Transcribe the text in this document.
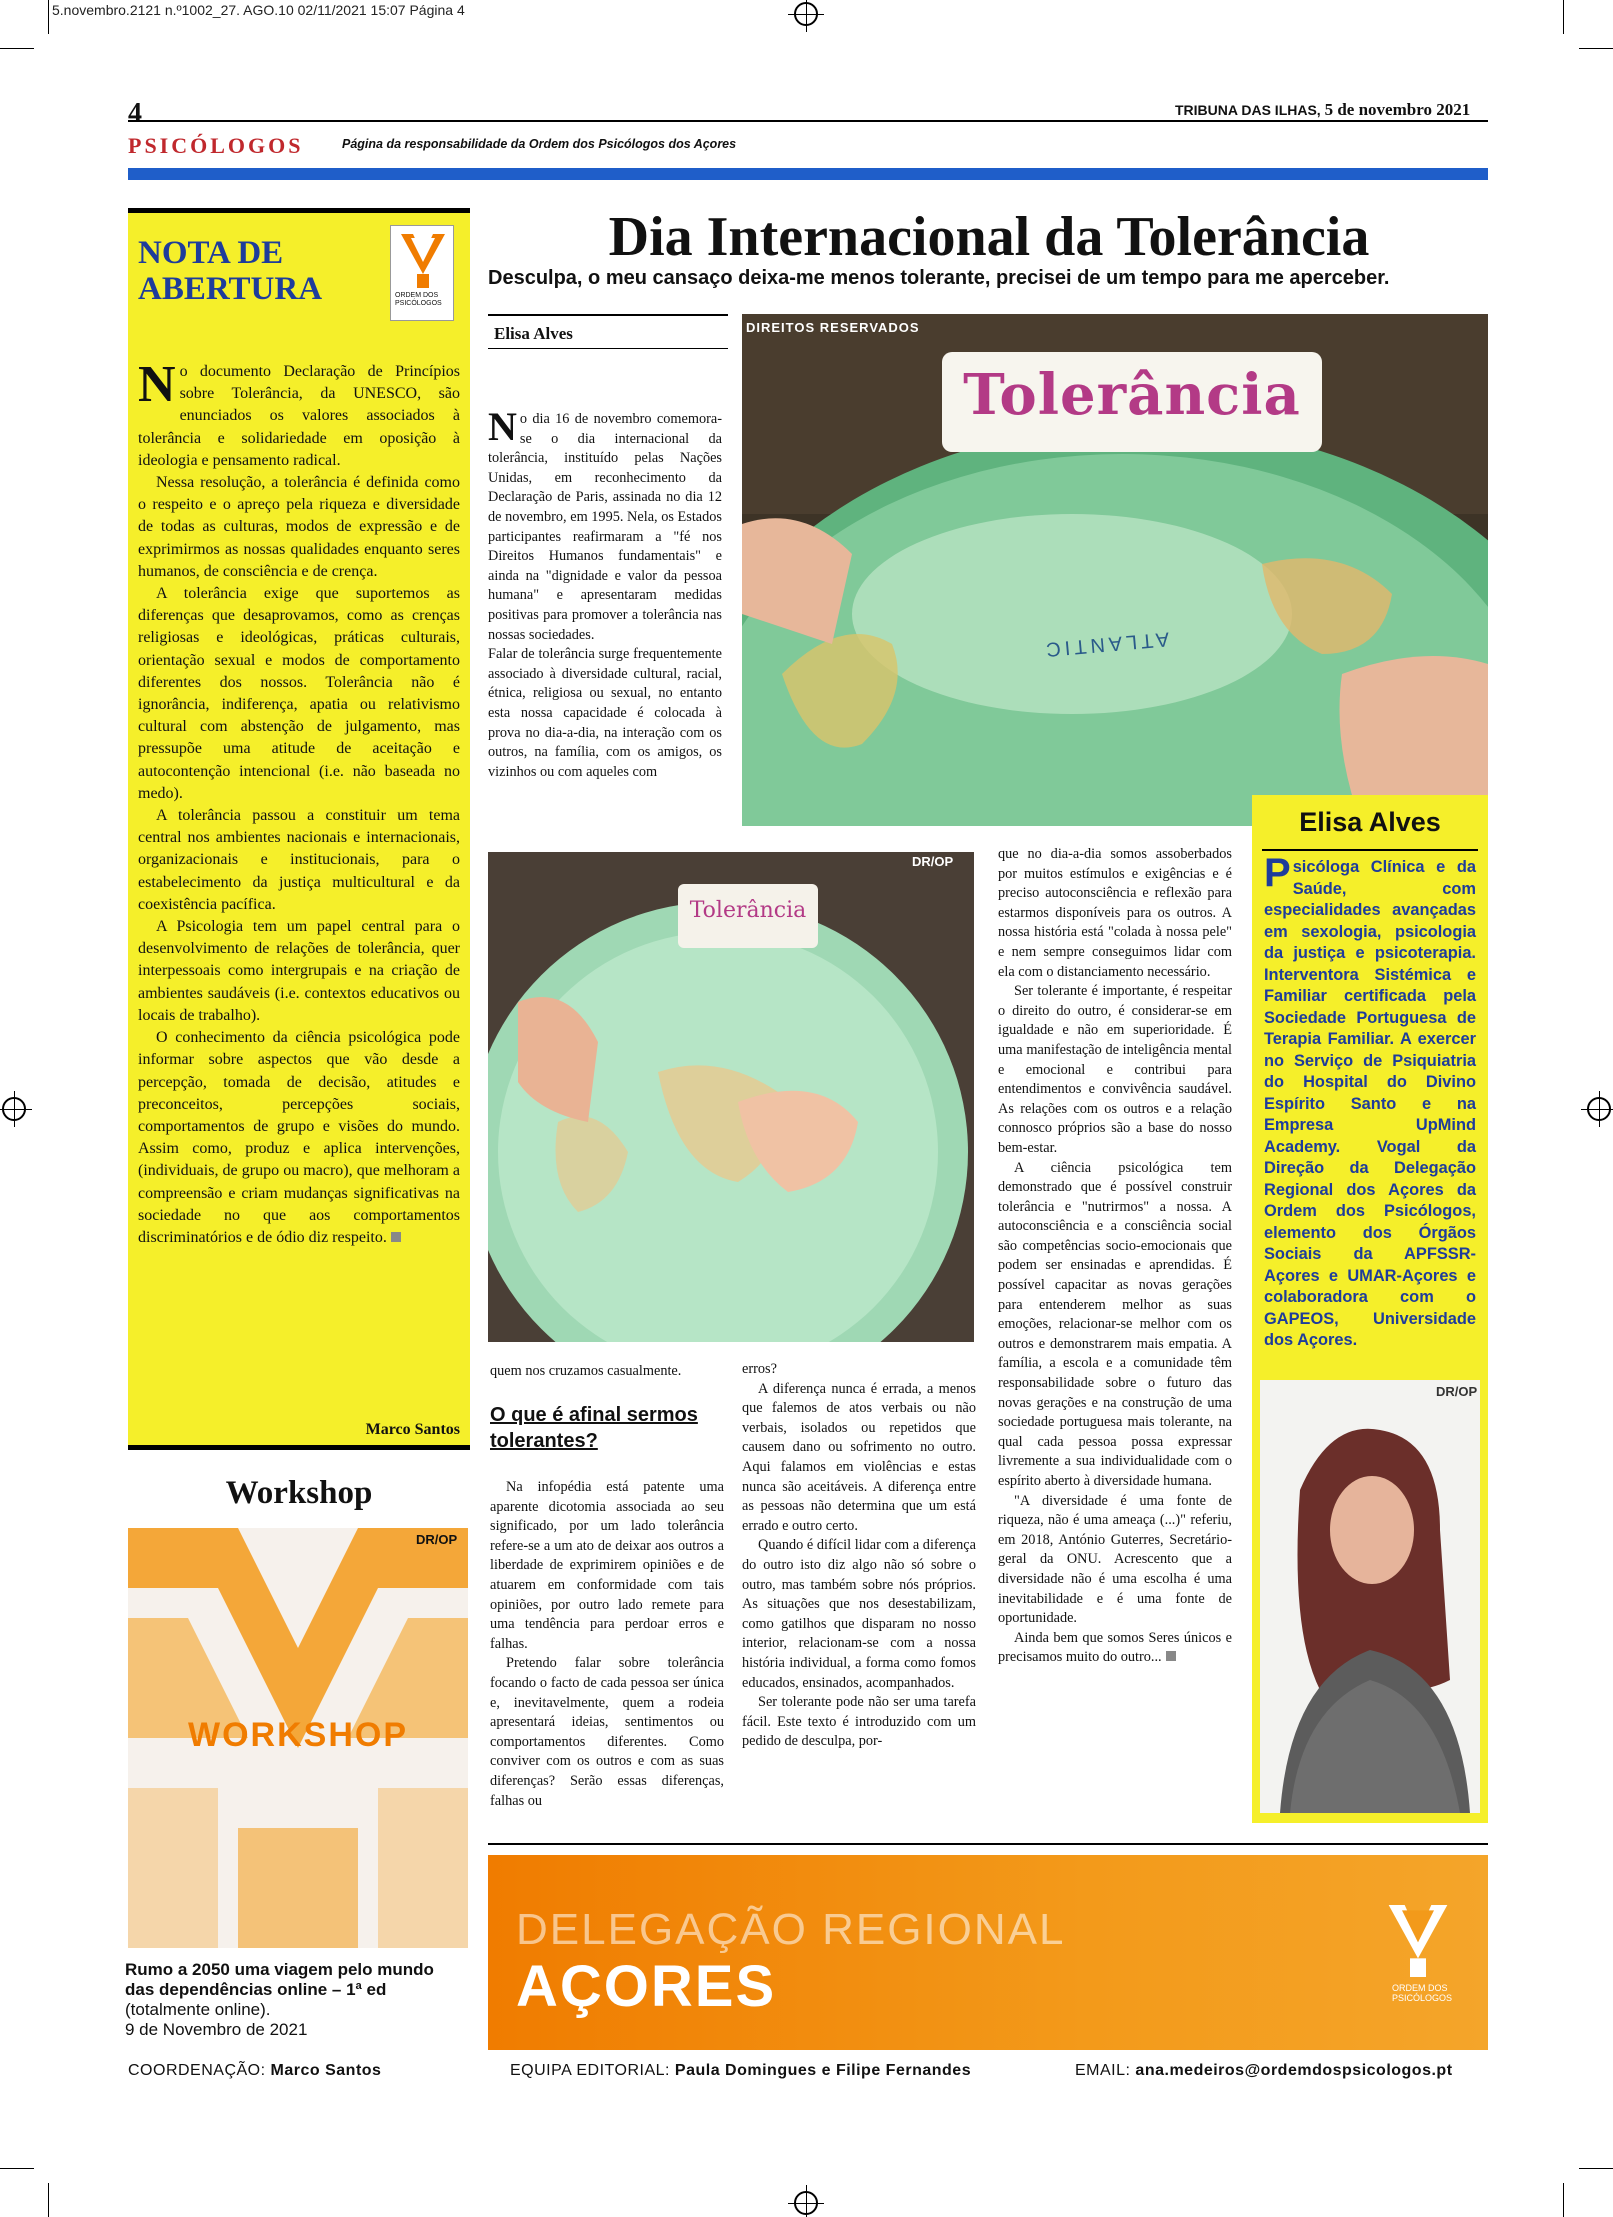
5.novembro.2121 n.º1002_27. AGO.10 02/11/2021 15:07 Página 4
4	TRIBUNA DAS ILHAS, 5 de novembro 2021
PSICÓLOGOS	Página da responsabilidade da Ordem dos Psicólogos dos Açores
NOTA DE ABERTURA	ORDEM DOS PSICÓLOGOS

No documento Declaração de Princípios sobre Tolerância, da UNESCO, são enunciados os valores associados à tolerância e solidariedade em oposição à ideologia e pensamento radical.

Nessa resolução, a tolerância é definida como o respeito e o apreço pela riqueza e diversidade de todas as culturas, modos de expressão e de exprimirmos as nossas qualidades enquanto seres humanos, de consciência e de crença.

A tolerância exige que suportemos as diferenças que desaprovamos, como as crenças religiosas e ideológicas, práticas culturais, orientação sexual e modos de comportamento diferentes dos nossos. Tolerância não é ignorância, indiferença, apatia ou relativismo cultural com abstenção de julgamento, mas pressupõe uma atitude de aceitação e autocontenção intencional (i.e. não baseada no medo).

A tolerância passou a constituir um tema central nos ambientes nacionais e internacionais, organizacionais e institucionais, para o estabelecimento da justiça multicultural e da coexistência pacífica.

A Psicologia tem um papel central para o desenvolvimento de relações de tolerância, quer interpessoais como intergrupais e na criação de ambientes saudáveis (i.e. contextos educativos ou locais de trabalho).

O conhecimento da ciência psicológica pode informar sobre aspectos que vão desde a percepção, tomada de decisão, atitudes e preconceitos, percepções sociais, comportamentos de grupo e visões do mundo. Assim como, produz e aplica intervenções, (individuais, de grupo ou macro), que melhoram a compreensão e criam mudanças significativas na sociedade no que aos comportamentos discriminatórios e de ódio diz respeito.

Marco Santos
Workshop
DR/OP
WORKSHOP
Rumo a 2050 uma viagem pelo mundo das dependências online – 1ª ed (totalmente online).
9 de Novembro de 2021
Dia Internacional da Tolerância
Desculpa, o meu cansaço deixa-me menos tolerante, precisei de um tempo para me aperceber.
Elisa Alves

No dia 16 de novembro comemora-se o dia internacional da tolerância, instituído pelas Nações Unidas, em reconhecimento da Declaração de Paris, assinada no dia 12 de novembro, em 1995. Nela, os Estados participantes reafirmaram a "fé nos Direitos Humanos fundamentais" e ainda na "dignidade e valor da pessoa humana" e apresentaram medidas positivas para promover a tolerância nas nossas sociedades.

Falar de tolerância surge frequentemente associado à diversidade cultural, racial, étnica, religiosa ou sexual, no entanto esta nossa capacidade é colocada à prova no dia-a-dia, na interação com os outros, na família, com os amigos, os vizinhos ou com aqueles com

DIREITOS RESERVADOS
Tolerância
ATLANTIC
Tolerância
DR/OP

quem nos cruzamos casualmente.

O que é afinal sermos tolerantes?

Na infopédia está patente uma aparente dicotomia associada ao seu significado, por um lado tolerância refere-se a um ato de deixar aos outros a liberdade de exprimirem opiniões e de atuarem em conformidade com tais opiniões, por outro lado remete para uma tendência para perdoar erros e falhas.

Pretendo falar sobre tolerância focando o facto de cada pessoa ser única e, inevitavelmente, quem a rodeia apresentará ideias, sentimentos ou comportamentos diferentes. Como conviver com os outros e com as suas diferenças? Serão essas diferenças, falhas ou

erros?

A diferença nunca é errada, a menos que falemos de atos verbais ou não verbais, isolados ou repetidos que causem dano ou sofrimento no outro. Aqui falamos em violências e estas nunca são aceitáveis. A diferença entre as pessoas não determina que um está errado e outro certo.

Quando é difícil lidar com a diferença do outro isto diz algo não só sobre o outro, mas também sobre nós próprios. As situações que nos desestabilizam, como gatilhos que disparam no nosso interior, relacionam-se com a nossa história individual, a forma como fomos educados, ensinados, acompanhados.

Ser tolerante pode não ser uma tarefa fácil. Este texto é introduzido com um pedido de desculpa, por-

que no dia-a-dia somos assoberbados por muitos estímulos e exigências e é preciso autoconsciência e reflexão para estarmos disponíveis para os outros. A nossa história está "colada à nossa pele" e nem sempre conseguimos lidar com ela com o distanciamento necessário.

Ser tolerante é importante, é respeitar o direito do outro, é considerar-se em igualdade e não em superioridade. É uma manifestação de inteligência mental e emocional e contribui para entendimentos e convivência saudável. As relações com os outros e a relação connosco próprios são a base do nosso bem-estar.

A ciência psicológica tem demonstrado que é possível construir tolerância e "nutrirmos" a nossa. A autoconsciência e a consciência social são competências socio-emocionais que podem ser ensinadas e aprendidas. É possível capacitar as novas gerações para entenderem melhor as suas emoções, relacionar-se melhor com os outros e demonstrarem mais empatia. A família, a escola e a comunidade têm responsabilidade sobre o futuro das novas gerações e na construção de uma sociedade portuguesa mais tolerante, na qual cada pessoa possa expressar livremente a sua individualidade com o espírito aberto à diversidade humana.

"A diversidade é uma fonte de riqueza, não é uma ameaça (...)" referiu, em 2018, António Guterres, Secretário-geral da ONU. Acrescento que a diversidade não é uma escolha é uma inevitabilidade e é uma fonte de oportunidade.

Ainda bem que somos Seres únicos e precisamos muito do outro...

Elisa Alves
Psicóloga Clínica e da Saúde, com especialidades avançadas em sexologia, psicologia da justiça e psicoterapia. Interventora Sistémica e Familiar certificada pela Sociedade Portuguesa de Terapia Familiar. A exercer no Serviço de Psiquiatria do Hospital do Divino Espírito Santo e na Empresa UpMind Academy. Vogal da Direção da Delegação Regional dos Açores da Ordem dos Psicólogos, elemento dos Órgãos Sociais da APFSSR-Açores e UMAR-Açores e colaboradora com o GAPEOS, Universidade dos Açores.
DR/OP
DELEGAÇÃO REGIONAL
AÇORES	ORDEM DOS PSICÓLOGOS
COORDENAÇÃO: Marco Santos	EQUIPA EDITORIAL: Paula Domingues e Filipe Fernandes	EMAIL: ana.medeiros@ordemdospsicologos.pt
